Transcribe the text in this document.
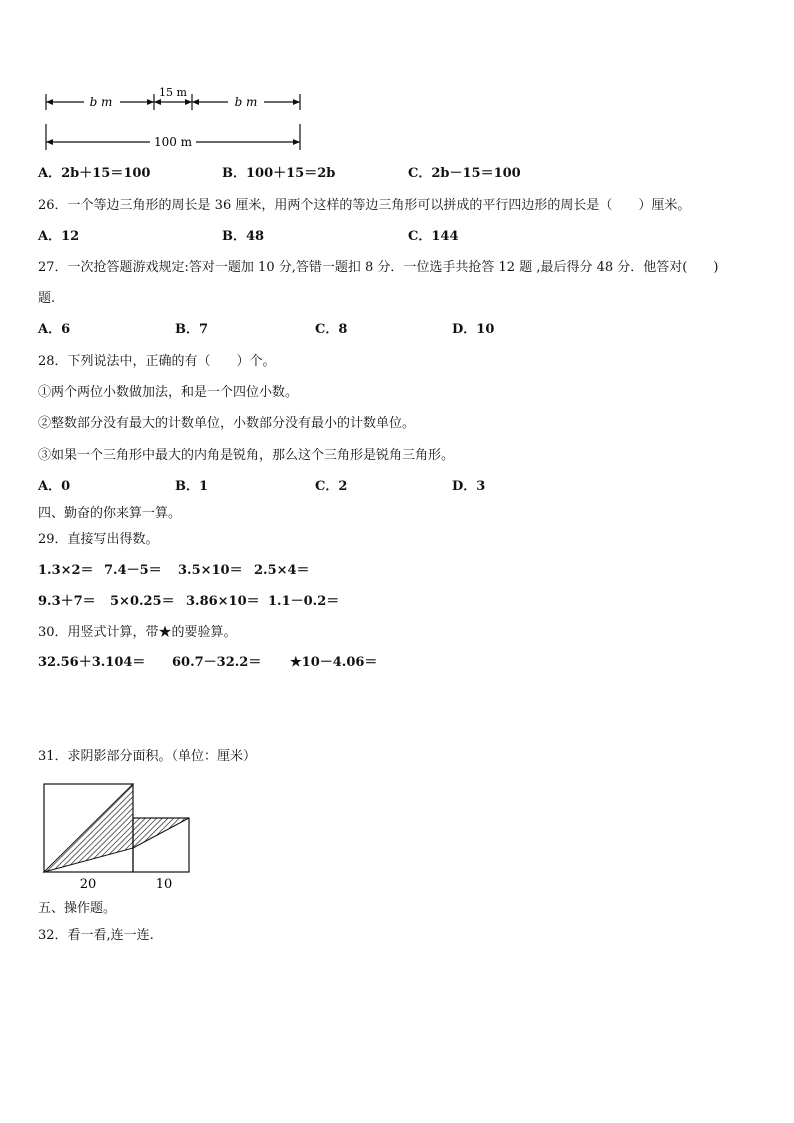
b m
15 m
b m
100 m
A．2b＋15＝100	B．100＋15＝2b	C．2b－15＝100
26．一个等边三角形的周长是 36 厘米，用两个这样的等边三角形可以拼成的平行四边形的周长是（　　）厘米。
A．12	B．48	C．144
27．一次抢答题游戏规定:答对一题加 10 分,答错一题扣 8 分．一位选手共抢答 12 题 ,最后得分 48 分．他答对(　　)
题.
A．6	B．7	C．8	D．10
28．下列说法中，正确的有（　　）个。
①两个两位小数做加法，和是一个四位小数。
②整数部分没有最大的计数单位，小数部分没有最小的计数单位。
③如果一个三角形中最大的内角是锐角，那么这个三角形是锐角三角形。
A．0	B．1	C．2	D．3
四、勤奋的你来算一算。
29．直接写出得数。
1.3×2＝ 7.4－5＝ 3.5×10＝ 2.5×4＝
9.3＋7＝ 5×0.25＝ 3.86×10＝ 1.1－0.2＝
30．用竖式计算，带★的要验算。
32.56＋3.104＝ 60.7－32.2＝ ★10－4.06＝
31．求阴影部分面积。（单位：厘米）
20	10
五、操作题。
32．看一看,连一连.
